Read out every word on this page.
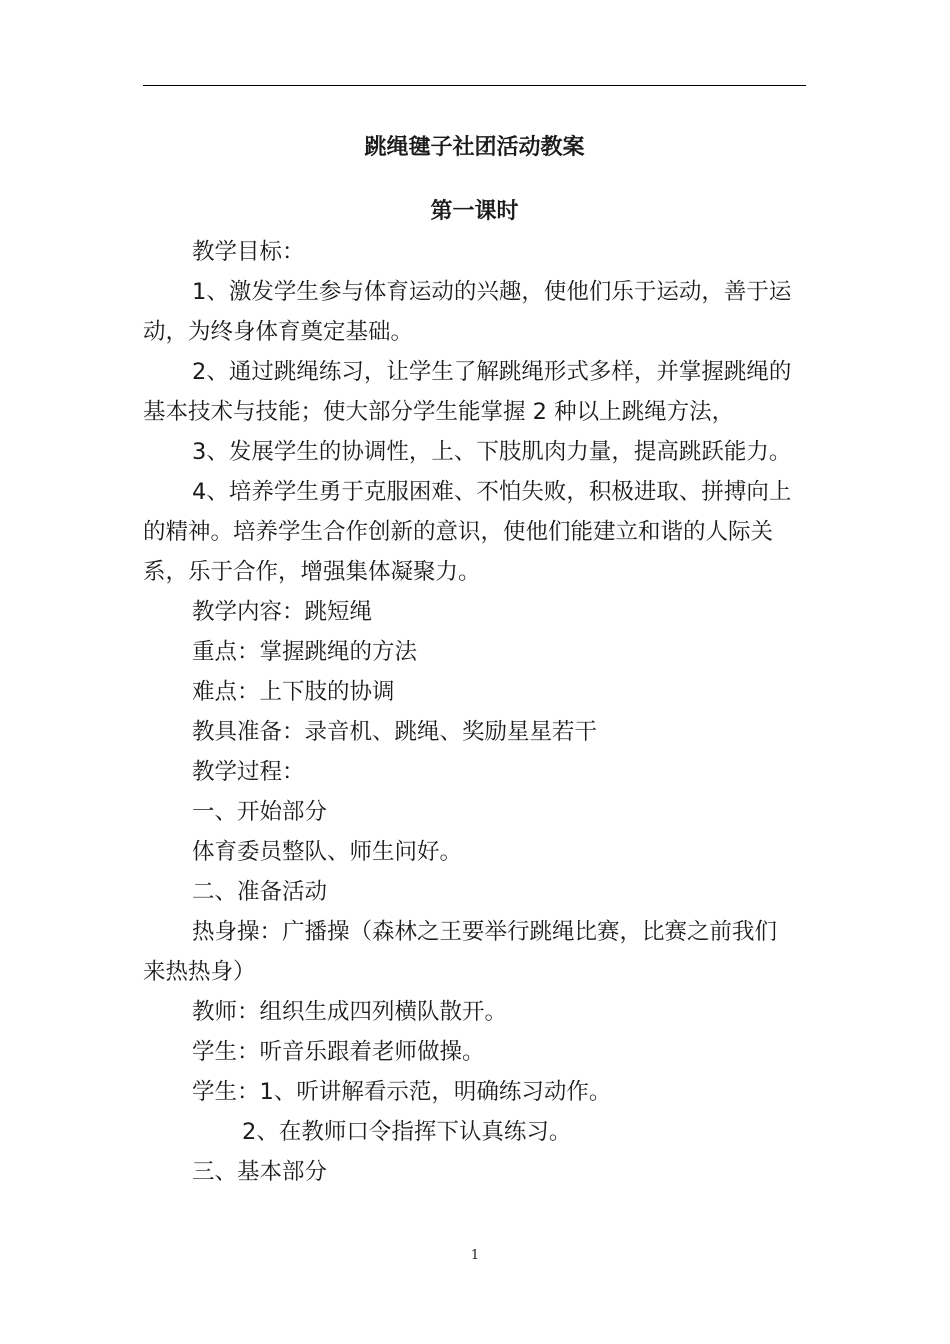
跳绳毽子社团活动教案
第一课时
教学目标：
1、激发学生参与体育运动的兴趣，使他们乐于运动，善于运
动，为终身体育奠定基础。
2、通过跳绳练习，让学生了解跳绳形式多样，并掌握跳绳的
基本技术与技能；使大部分学生能掌握 2 种以上跳绳方法，
3、发展学生的协调性，上、下肢肌肉力量，提高跳跃能力。
4、培养学生勇于克服困难、不怕失败，积极进取、拼搏向上
的精神。培养学生合作创新的意识，使他们能建立和谐的人际关
系，乐于合作，增强集体凝聚力。
教学内容：跳短绳
重点：掌握跳绳的方法
难点：上下肢的协调
教具准备：录音机、跳绳、奖励星星若干
教学过程：
一、开始部分
体育委员整队、师生问好。
二、准备活动
热身操：广播操（森林之王要举行跳绳比赛，比赛之前我们
来热热身）
教师：组织生成四列横队散开。
学生：听音乐跟着老师做操。
学生：1、听讲解看示范，明确练习动作。
2、在教师口令指挥下认真练习。
三、基本部分
1
